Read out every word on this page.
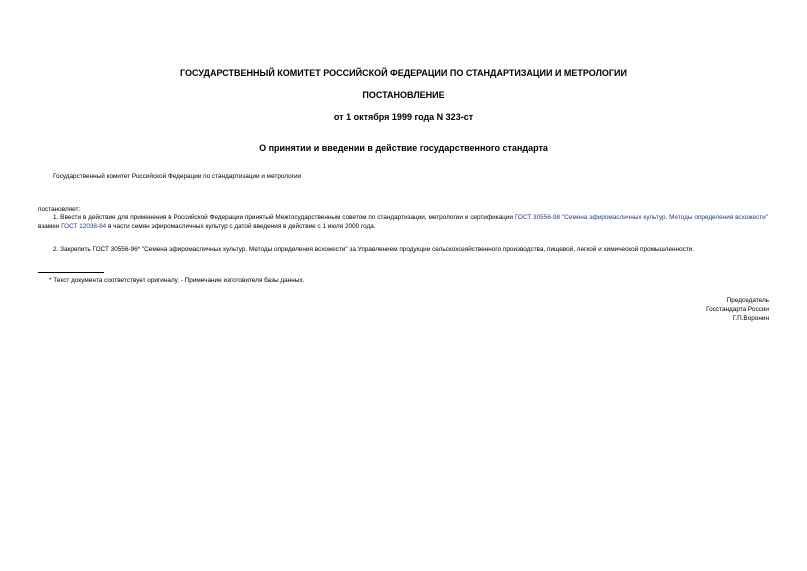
ГОСУДАРСТВЕННЫЙ КОМИТЕТ РОССИЙСКОЙ ФЕДЕРАЦИИ ПО СТАНДАРТИЗАЦИИ И МЕТРОЛОГИИ
ПОСТАНОВЛЕНИЕ
от 1 октября 1999 года N 323-ст
О принятии и введении в действие государственного стандарта
Государственный комитет Российской Федерации по стандартизации и метрологии
постановляет:
1. Ввести в действие для применения в Российской Федерации принятый Межгосударственным советом по стандартизации, метрологии и сертификации ГОСТ 30556-98 "Семена эфиромасличных культур. Методы определения всхожести" взамен ГОСТ 12038-84 в части семян эфиромасличных культур с датой введения в действие с 1 июля 2000 года.
2. Закрепить ГОСТ 30556-96* "Семена эфиромасличных культур. Методы определения всхожести" за Управлением продукции сельскохозяйственного производства, пищевой, легкой и химической промышленности.
* Текст документа соответствует оригиналу. - Примечание изготовителя базы данных.
Председатель
Госстандарта России
Г.П.Воронин
